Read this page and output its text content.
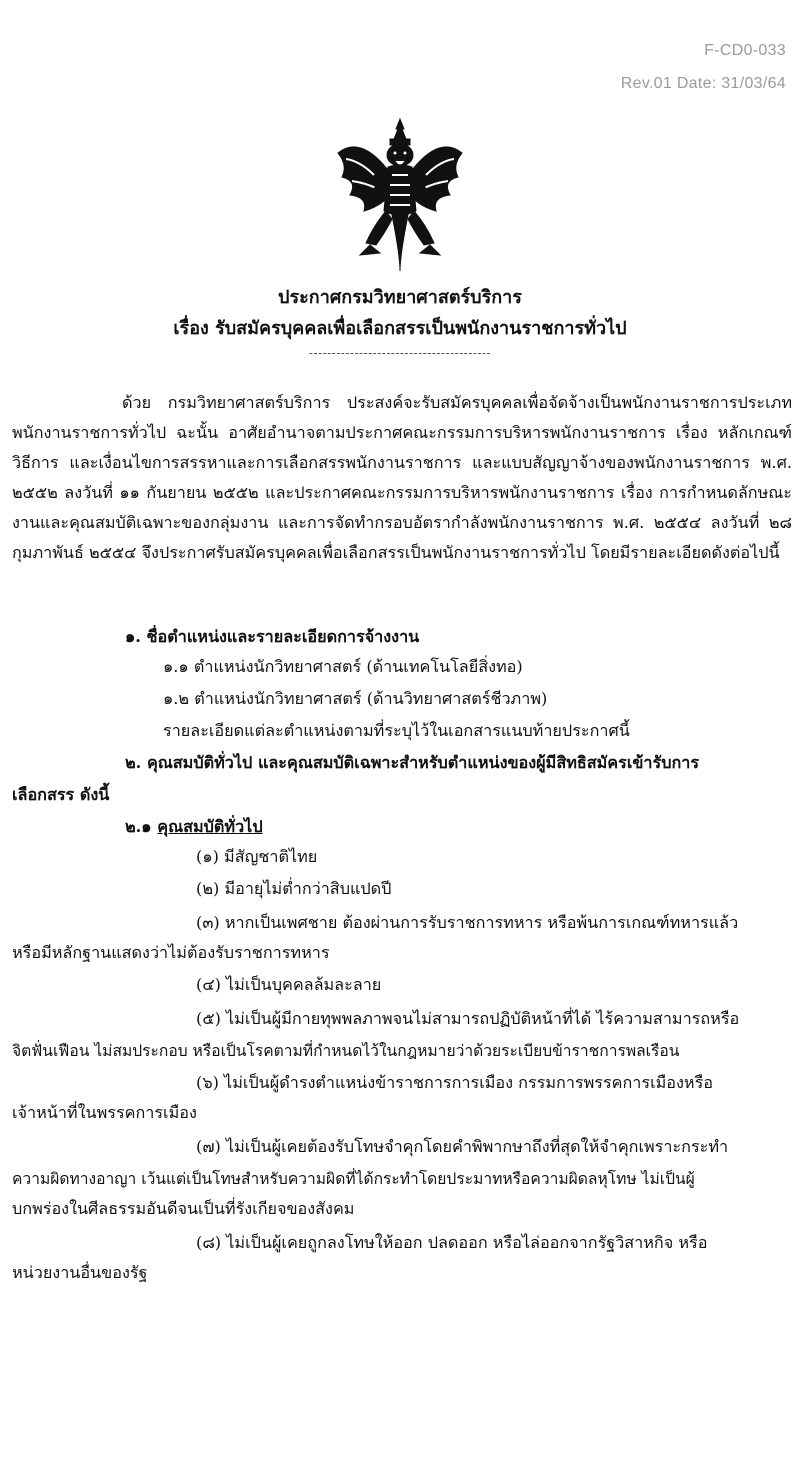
F-CD0-033
Rev.01 Date: 31/03/64
ประกาศกรมวิทยาศาสตร์บริการ
เรื่อง รับสมัครบุคคลเพื่อเลือกสรรเป็นพนักงานราชการทั่วไป
----------------------------------------
ด้วย กรมวิทยาศาสตร์บริการ ประสงค์จะรับสมัครบุคคลเพื่อจัดจ้างเป็นพนักงานราชการประเภทพนักงานราชการทั่วไป ฉะนั้น อาศัยอำนาจตามประกาศคณะกรรมการบริหารพนักงานราชการ เรื่อง หลักเกณฑ์ วิธีการ และเงื่อนไขการสรรหาและการเลือกสรรพนักงานราชการ และแบบสัญญาจ้างของพนักงานราชการ พ.ศ. ๒๕๕๒ ลงวันที่ ๑๑ กันยายน ๒๕๕๒ และประกาศคณะกรรมการบริหารพนักงานราชการ เรื่อง การกำหนดลักษณะงานและคุณสมบัติเฉพาะของกลุ่มงาน และการจัดทำกรอบอัตรากำลังพนักงานราชการ พ.ศ. ๒๕๕๔ ลงวันที่ ๒๘ กุมภาพันธ์ ๒๕๕๔ จึงประกาศรับสมัครบุคคลเพื่อเลือกสรรเป็นพนักงานราชการทั่วไป โดยมีรายละเอียดดังต่อไปนี้
๑. ชื่อตำแหน่งและรายละเอียดการจ้างงาน
๑.๑ ตำแหน่งนักวิทยาศาสตร์ (ด้านเทคโนโลยีสิ่งทอ)
๑.๒ ตำแหน่งนักวิทยาศาสตร์ (ด้านวิทยาศาสตร์ชีวภาพ)
รายละเอียดแต่ละตำแหน่งตามที่ระบุไว้ในเอกสารแนบท้ายประกาศนี้
๒. คุณสมบัติทั่วไป และคุณสมบัติเฉพาะสำหรับตำแหน่งของผู้มีสิทธิสมัครเข้ารับการ
เลือกสรร ดังนี้
๒.๑ คุณสมบัติทั่วไป
(๑) มีสัญชาติไทย
(๒) มีอายุไม่ต่ำกว่าสิบแปดปี
(๓) หากเป็นเพศชาย ต้องผ่านการรับราชการทหาร หรือพ้นการเกณฑ์ทหารแล้ว
หรือมีหลักฐานแสดงว่าไม่ต้องรับราชการทหาร
(๔) ไม่เป็นบุคคลล้มละลาย
(๕) ไม่เป็นผู้มีกายทุพพลภาพจนไม่สามารถปฏิบัติหน้าที่ได้ ไร้ความสามารถหรือ
จิตฟั่นเฟือน ไม่สมประกอบ หรือเป็นโรคตามที่กำหนดไว้ในกฎหมายว่าด้วยระเบียบข้าราชการพลเรือน
(๖) ไม่เป็นผู้ดำรงตำแหน่งข้าราชการการเมือง กรรมการพรรคการเมืองหรือ
เจ้าหน้าที่ในพรรคการเมือง
(๗) ไม่เป็นผู้เคยต้องรับโทษจำคุกโดยคำพิพากษาถึงที่สุดให้จำคุกเพราะกระทำ
ความผิดทางอาญา เว้นแต่เป็นโทษสำหรับความผิดที่ได้กระทำโดยประมาทหรือความผิดลหุโทษ ไม่เป็นผู้
บกพร่องในศีลธรรมอันดีจนเป็นที่รังเกียจของสังคม
(๘) ไม่เป็นผู้เคยถูกลงโทษให้ออก ปลดออก หรือไล่ออกจากรัฐวิสาหกิจ หรือ
หน่วยงานอื่นของรัฐ
